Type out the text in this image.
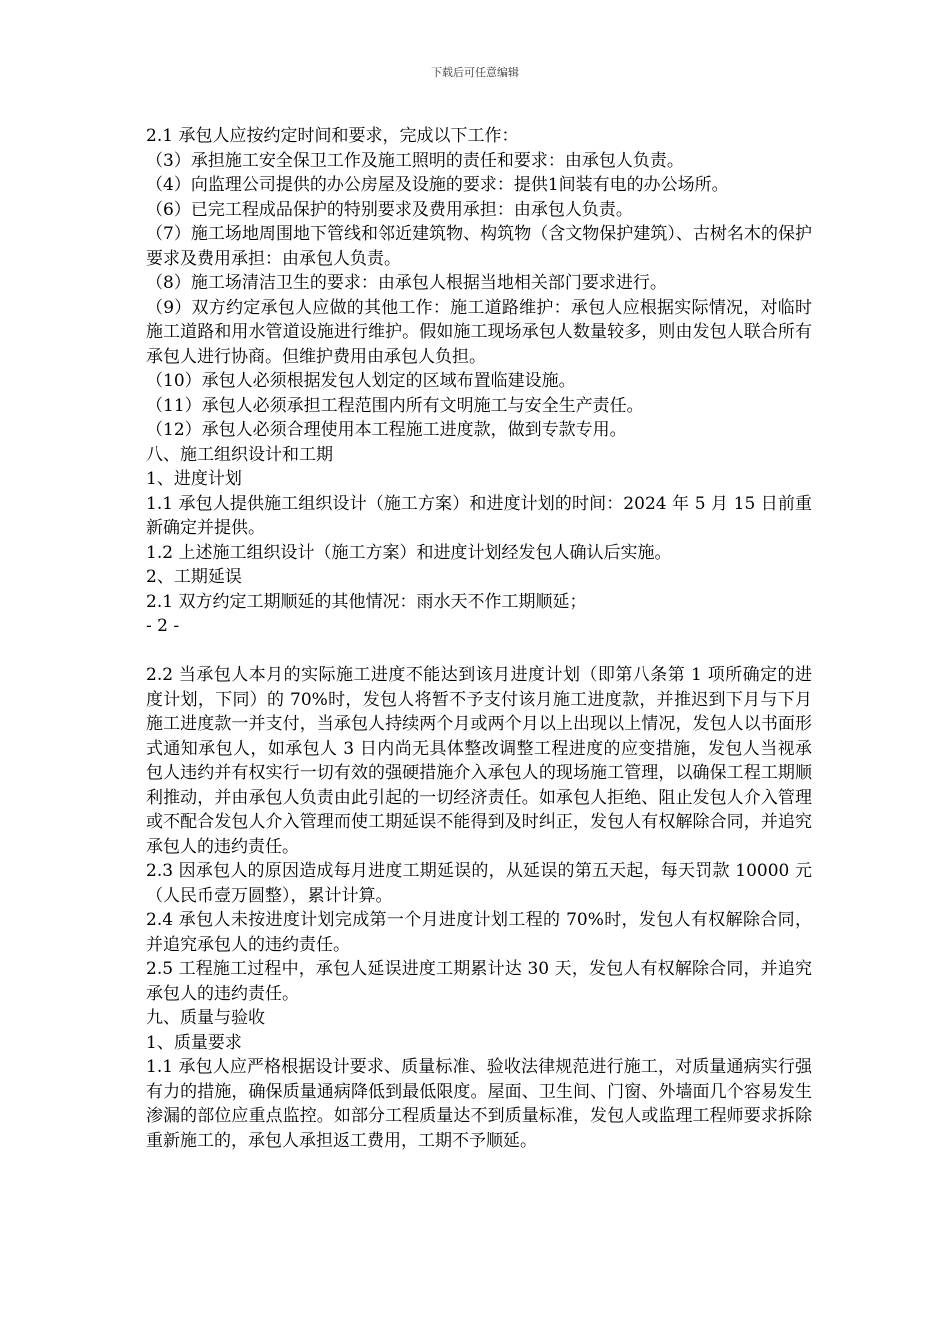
下载后可任意编辑

2.1 承包人应按约定时间和要求，完成以下工作：

（3）承担施工安全保卫工作及施工照明的责任和要求：由承包人负责。

（4）向监理公司提供的办公房屋及设施的要求：提供1间装有电的办公场所。

（6）已完工程成品保护的特别要求及费用承担：由承包人负责。

（7）施工场地周围地下管线和邻近建筑物、构筑物（含文物保护建筑）、古树名木的保护要求及费用承担：由承包人负责。

（8）施工场清洁卫生的要求：由承包人根据当地相关部门要求进行。

（9）双方约定承包人应做的其他工作：施工道路维护：承包人应根据实际情况，对临时施工道路和用水管道设施进行维护。假如施工现场承包人数量较多，则由发包人联合所有承包人进行协商。但维护费用由承包人负担。

（10）承包人必须根据发包人划定的区域布置临建设施。

（11）承包人必须承担工程范围内所有文明施工与安全生产责任。

（12）承包人必须合理使用本工程施工进度款，做到专款专用。

八、施工组织设计和工期

1、进度计划

1.1 承包人提供施工组织设计（施工方案）和进度计划的时间：2024 年 5 月 15 日前重新确定并提供。

1.2 上述施工组织设计（施工方案）和进度计划经发包人确认后实施。

2、工期延误

2.1 双方约定工期顺延的其他情况：雨水天不作工期顺延；

- 2 -

2.2 当承包人本月的实际施工进度不能达到该月进度计划（即第八条第 1 项所确定的进度计划，下同）的 70%时，发包人将暂不予支付该月施工进度款，并推迟到下月与下月施工进度款一并支付，当承包人持续两个月或两个月以上出现以上情况，发包人以书面形式通知承包人，如承包人 3 日内尚无具体整改调整工程进度的应变措施，发包人当视承包人违约并有权实行一切有效的强硬措施介入承包人的现场施工管理，以确保工程工期顺利推动，并由承包人负责由此引起的一切经济责任。如承包人拒绝、阻止发包人介入管理或不配合发包人介入管理而使工期延误不能得到及时纠正，发包人有权解除合同，并追究承包人的违约责任。

2.3 因承包人的原因造成每月进度工期延误的，从延误的第五天起，每天罚款 10000 元（人民币壹万圆整），累计计算。

2.4 承包人未按进度计划完成第一个月进度计划工程的 70%时，发包人有权解除合同，并追究承包人的违约责任。

2.5 工程施工过程中，承包人延误进度工期累计达 30 天，发包人有权解除合同，并追究承包人的违约责任。

九、质量与验收

1、质量要求

1.1 承包人应严格根据设计要求、质量标准、验收法律规范进行施工，对质量通病实行强有力的措施，确保质量通病降低到最低限度。屋面、卫生间、门窗、外墙面几个容易发生渗漏的部位应重点监控。如部分工程质量达不到质量标准，发包人或监理工程师要求拆除重新施工的，承包人承担返工费用，工期不予顺延。
